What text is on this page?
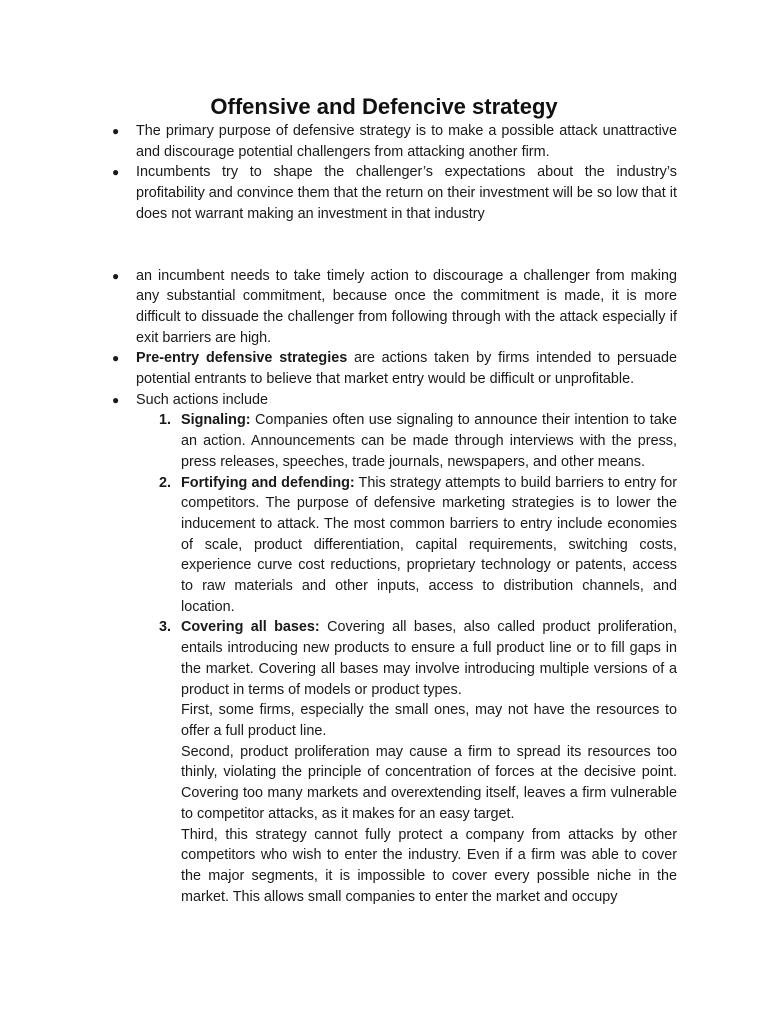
Offensive and Defencive strategy
● The primary purpose of defensive strategy is to make a possible attack unattractive and discourage potential challengers from attacking another firm.
● Incumbents try to shape the challenger’s expectations about the industry’s profitability and convince them that the return on their investment will be so low that it does not warrant making an investment in that industry
● an incumbent needs to take timely action to discourage a challenger from making any substantial commitment, because once the commitment is made, it is more difficult to dissuade the challenger from following through with the attack especially if exit barriers are high.
● Pre-entry defensive strategies are actions taken by firms intended to persuade potential entrants to believe that market entry would be difficult or unprofitable.
● Such actions include
1. Signaling: Companies often use signaling to announce their intention to take an action. Announcements can be made through interviews with the press, press releases, speeches, trade journals, newspapers, and other means.
2. Fortifying and defending: This strategy attempts to build barriers to entry for competitors. The purpose of defensive marketing strategies is to lower the inducement to attack. The most common barriers to entry include economies of scale, product differentiation, capital requirements, switching costs, experience curve cost reductions, proprietary technology or patents, access to raw materials and other inputs, access to distribution channels, and location.
3. Covering all bases: Covering all bases, also called product proliferation, entails introducing new products to ensure a full product line or to fill gaps in the market. Covering all bases may involve introducing multiple versions of a product in terms of models or product types.

First, some firms, especially the small ones, may not have the resources to offer a full product line.

Second, product proliferation may cause a firm to spread its resources too thinly, violating the principle of concentration of forces at the decisive point. Covering too many markets and overextending itself, leaves a firm vulnerable to competitor attacks, as it makes for an easy target.

Third, this strategy cannot fully protect a company from attacks by other competitors who wish to enter the industry. Even if a firm was able to cover the major segments, it is impossible to cover every possible niche in the market. This allows small companies to enter the market and occupy
